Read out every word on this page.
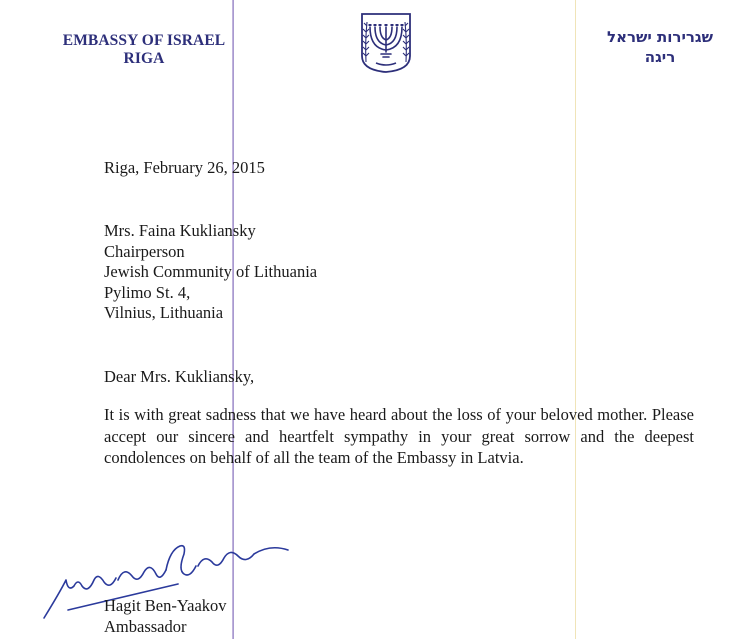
EMBASSY OF ISRAEL
RIGA
שגרירות ישראל
ריגה
Riga, February 26, 2015
Mrs. Faina Kukliansky
Chairperson
Jewish Community of Lithuania
Pylimo St. 4,
Vilnius, Lithuania
Dear Mrs. Kukliansky,
It is with great sadness that we have heard about the loss of your beloved mother. Please accept our sincere and heartfelt sympathy in your great sorrow and the deepest condolences on behalf of all the team of the Embassy in Latvia.
Hagit Ben-Yaakov
Ambassador
